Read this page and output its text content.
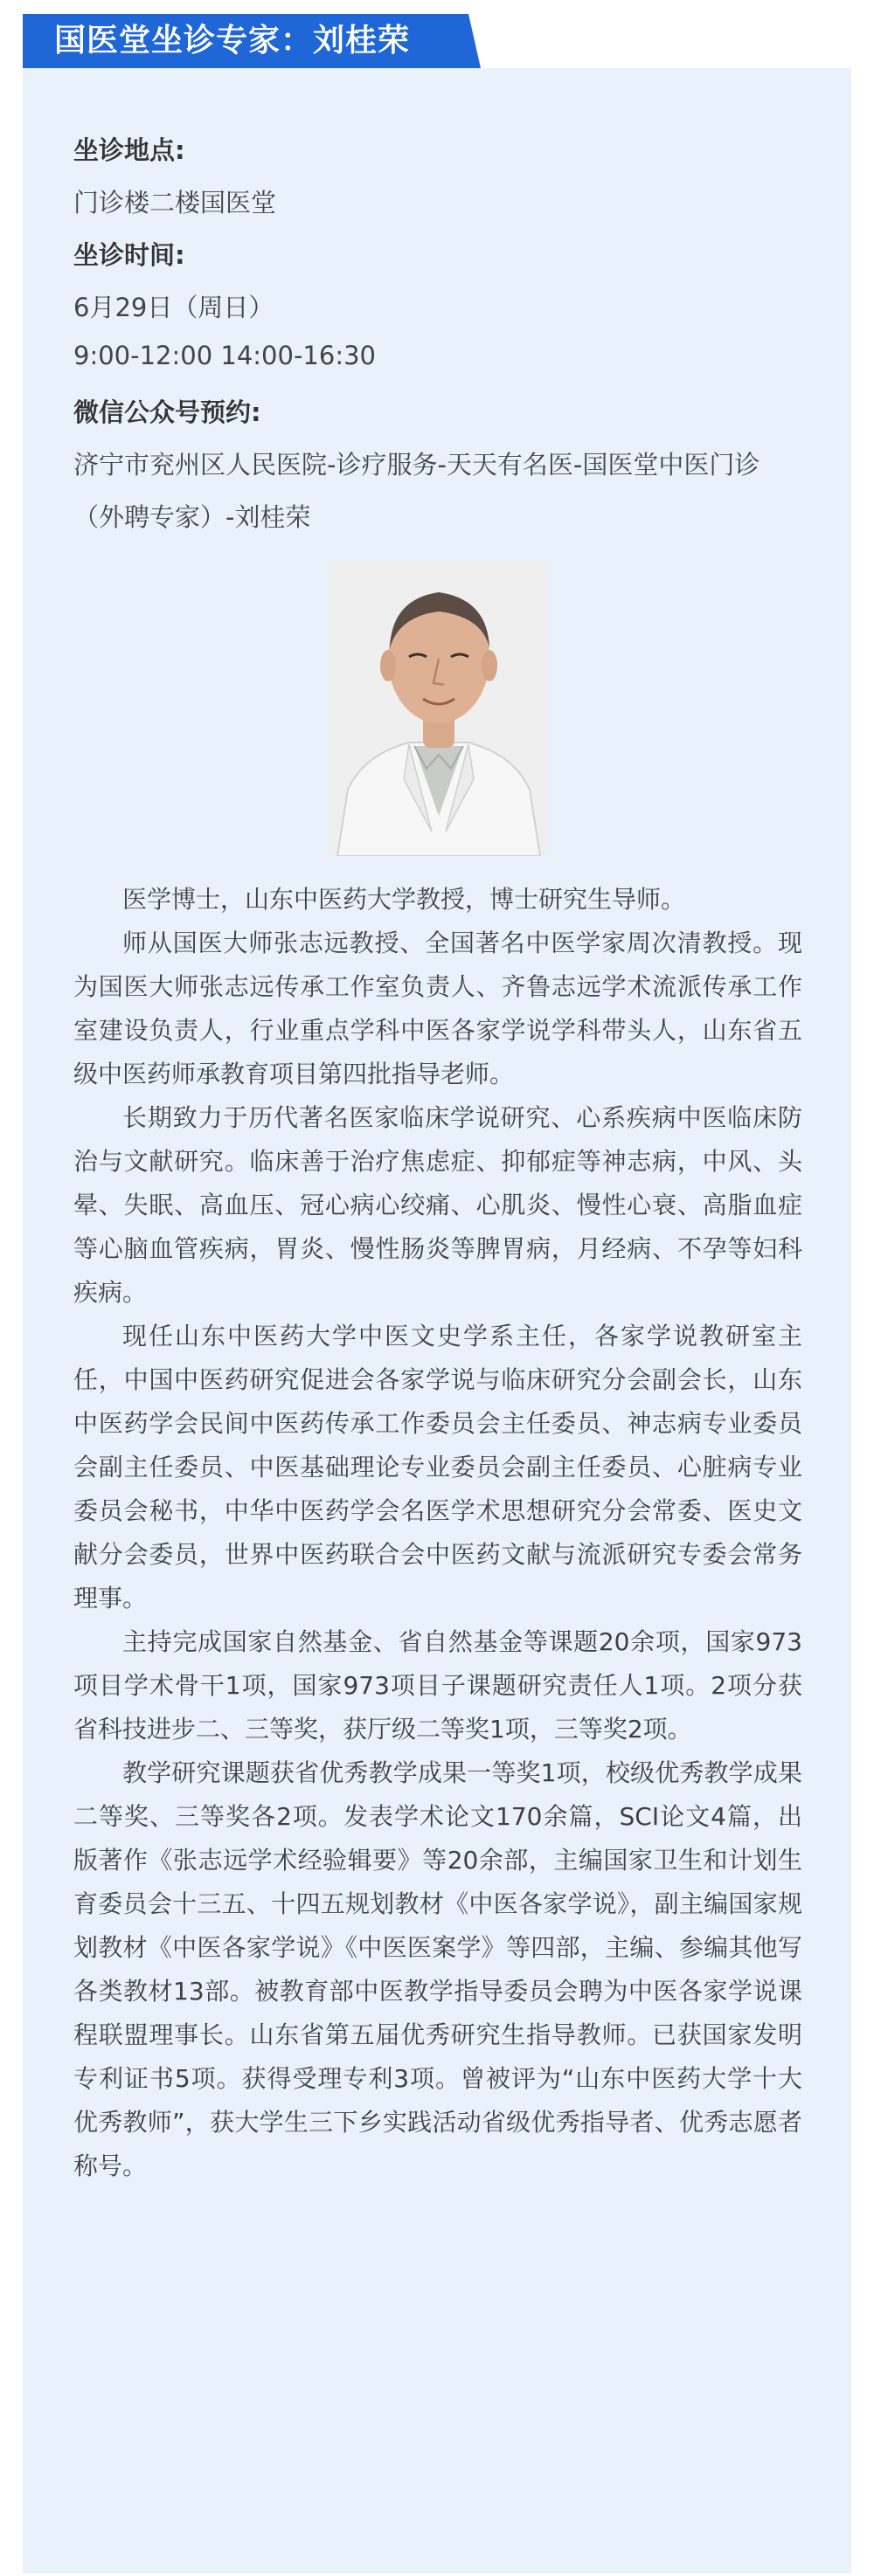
国医堂坐诊专家：刘桂荣
坐诊地点:
门诊楼二楼国医堂
坐诊时间:
6月29日（周日）
9:00-12:00 14:00-16:30
微信公众号预约:
济宁市兖州区人民医院-诊疗服务-天天有名医-国医堂中医门诊
（外聘专家）-刘桂荣

医学博士，山东中医药大学教授，博士研究生导师。

师从国医大师张志远教授、全国著名中医学家周次清教授。现为国医大师张志远传承工作室负责人、齐鲁志远学术流派传承工作室建设负责人，行业重点学科中医各家学说学科带头人，山东省五级中医药师承教育项目第四批指导老师。

长期致力于历代著名医家临床学说研究、心系疾病中医临床防治与文献研究。临床善于治疗焦虑症、抑郁症等神志病，中风、头晕、失眠、高血压、冠心病心绞痛、心肌炎、慢性心衰、高脂血症等心脑血管疾病，胃炎、慢性肠炎等脾胃病，月经病、不孕等妇科疾病。

现任山东中医药大学中医文史学系主任，各家学说教研室主任，中国中医药研究促进会各家学说与临床研究分会副会长，山东中医药学会民间中医药传承工作委员会主任委员、神志病专业委员会副主任委员、中医基础理论专业委员会副主任委员、心脏病专业委员会秘书，中华中医药学会名医学术思想研究分会常委、医史文献分会委员，世界中医药联合会中医药文献与流派研究专委会常务理事。

主持完成国家自然基金、省自然基金等课题20余项，国家973项目学术骨干1项，国家973项目子课题研究责任人1项。2项分获省科技进步二、三等奖，获厅级二等奖1项，三等奖2项。

教学研究课题获省优秀教学成果一等奖1项，校级优秀教学成果二等奖、三等奖各2项。发表学术论文170余篇，SCI论文4篇，出版著作《张志远学术经验辑要》等20余部，主编国家卫生和计划生育委员会十三五、十四五规划教材《中医各家学说》，副主编国家规划教材《中医各家学说》《中医医案学》等四部，主编、参编其他写各类教材13部。被教育部中医教学指导委员会聘为中医各家学说课程联盟理事长。山东省第五届优秀研究生指导教师。已获国家发明专利证书5项。获得受理专利3项。曾被评为“山东中医药大学十大优秀教师”，获大学生三下乡实践活动省级优秀指导者、优秀志愿者称号。
